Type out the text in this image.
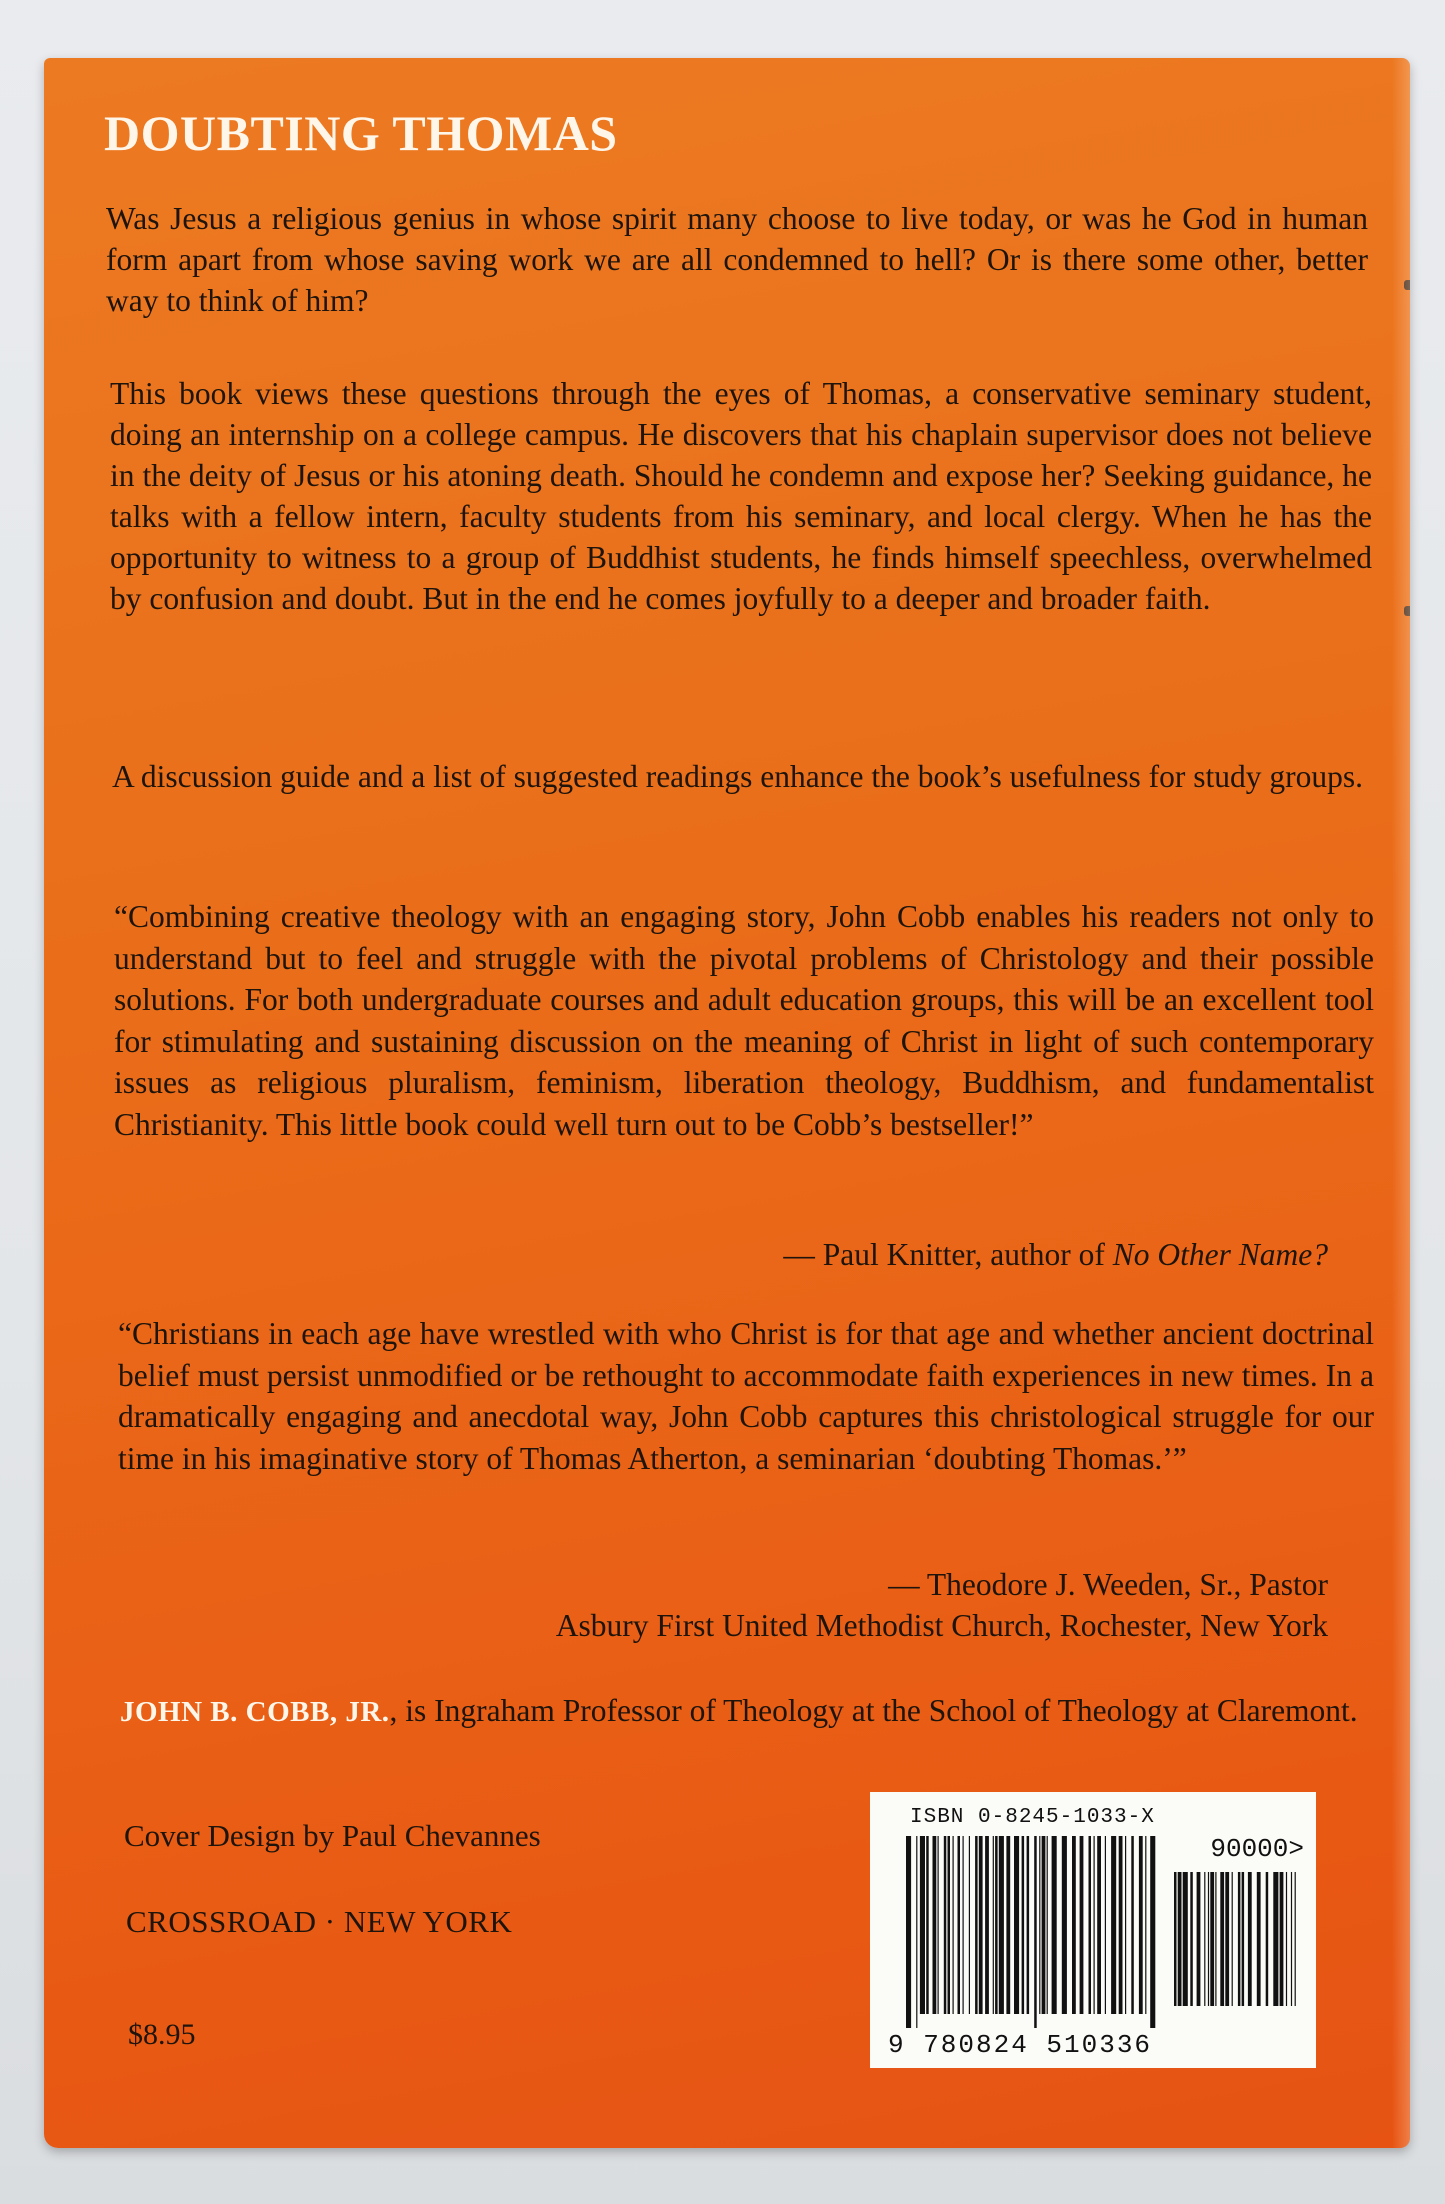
DOUBTING THOMAS

Was Jesus a religious genius in whose spirit many choose to live today, or was he God in human form apart from whose saving work we are all condemned to hell? Or is there some other, better way to think of him?

This book views these questions through the eyes of Thomas, a conservative seminary student, doing an internship on a college campus. He discovers that his chaplain supervisor does not believe in the deity of Jesus or his atoning death. Should he condemn and expose her? Seeking guidance, he talks with a fellow intern, faculty students from his seminary, and local clergy. When he has the opportunity to witness to a group of Buddhist students, he finds himself speechless, overwhelmed by confusion and doubt. But in the end he comes joyfully to a deeper and broader faith.

A discussion guide and a list of suggested readings enhance the book’s usefulness for study groups.

“Combining creative theology with an engaging story, John Cobb enables his readers not only to understand but to feel and struggle with the pivotal problems of Christology and their possible solutions. For both undergraduate courses and adult education groups, this will be an excellent tool for stimulating and sustaining discussion on the meaning of Christ in light of such contemporary issues as religious pluralism, feminism, liberation theology, Buddhism, and fundamentalist Christianity. This little book could well turn out to be Cobb’s bestseller!”

— Paul Knitter, author of No Other Name?

“Christians in each age have wrestled with who Christ is for that age and whether ancient doctrinal belief must persist unmodified or be rethought to accommodate faith experiences in new times. In a dramatically engaging and anecdotal way, John Cobb captures this christological struggle for our time in his imaginative story of Thomas Atherton, a seminarian ‘doubting Thomas.’”

— Theodore J. Weeden, Sr., Pastor

Asbury First United Methodist Church, Rochester, New York

JOHN B. COBB, JR., is Ingraham Professor of Theology at the School of Theology at Claremont.

Cover Design by Paul Chevannes

CROSSROAD · NEW YORK

$8.95

ISBN 0-8245-1033-X
90000>
9 780824 510336
